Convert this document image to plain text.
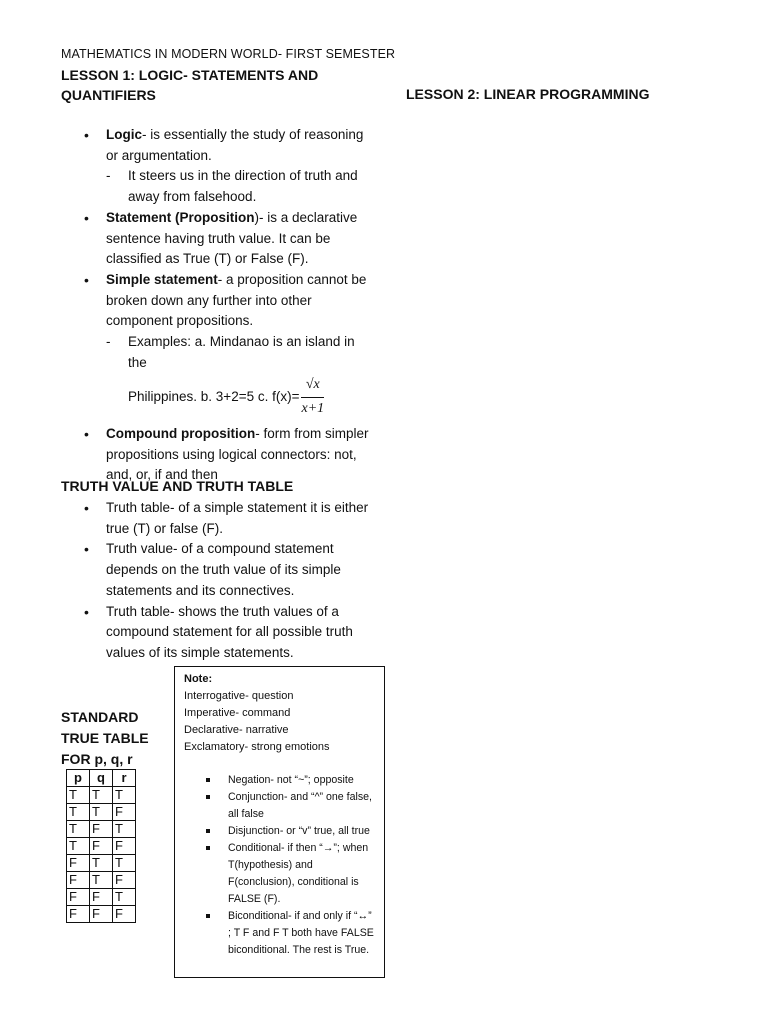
MATHEMATICS IN MODERN WORLD- FIRST SEMESTER
LESSON 1: LOGIC- STATEMENTS AND QUANTIFIERS	LESSON 2: LINEAR PROGRAMMING
• Logic- is essentially the study of reasoning or argumentation.
- It steers us in the direction of truth and away from falsehood.
• Statement (Proposition)- is a declarative sentence having truth value. It can be classified as True (T) or False (F).
• Simple statement- a proposition cannot be broken down any further into other component propositions.
- Examples: a. Mindanao is an island in the
Philippines. b. 3+2=5 c. $f(x)= \frac{√x}{x+1}$
• Compound proposition- form from simpler propositions using logical connectors: not, and, or, if and then
TRUTH VALUE AND TRUTH TABLE
• Truth table- of a simple statement it is either true (T) or false (F).
• Truth value- of a compound statement depends on the truth value of its simple statements and its connectives.
• Truth table- shows the truth values of a compound statement for all possible truth values of its simple statements.
STANDARD TRUE TABLE FOR p, q, r
p	q	r
T	T	T
T	T	F
T	F	T
T	F	F
F	T	T
F	T	F
F	F	T
F	F	F
Note:
Interrogative- question
Imperative- command
Declarative- narrative
Exclamatory- strong emotions
Negation- not “~”; opposite
Conjunction- and “^” one false, all false
Disjunction- or “v” true, all true
Conditional- if then “→”; when T(hypothesis) and F(conclusion), conditional is FALSE (F).
Biconditional- if and only if “↔” ; T F and F T both have FALSE biconditional. The rest is True.
